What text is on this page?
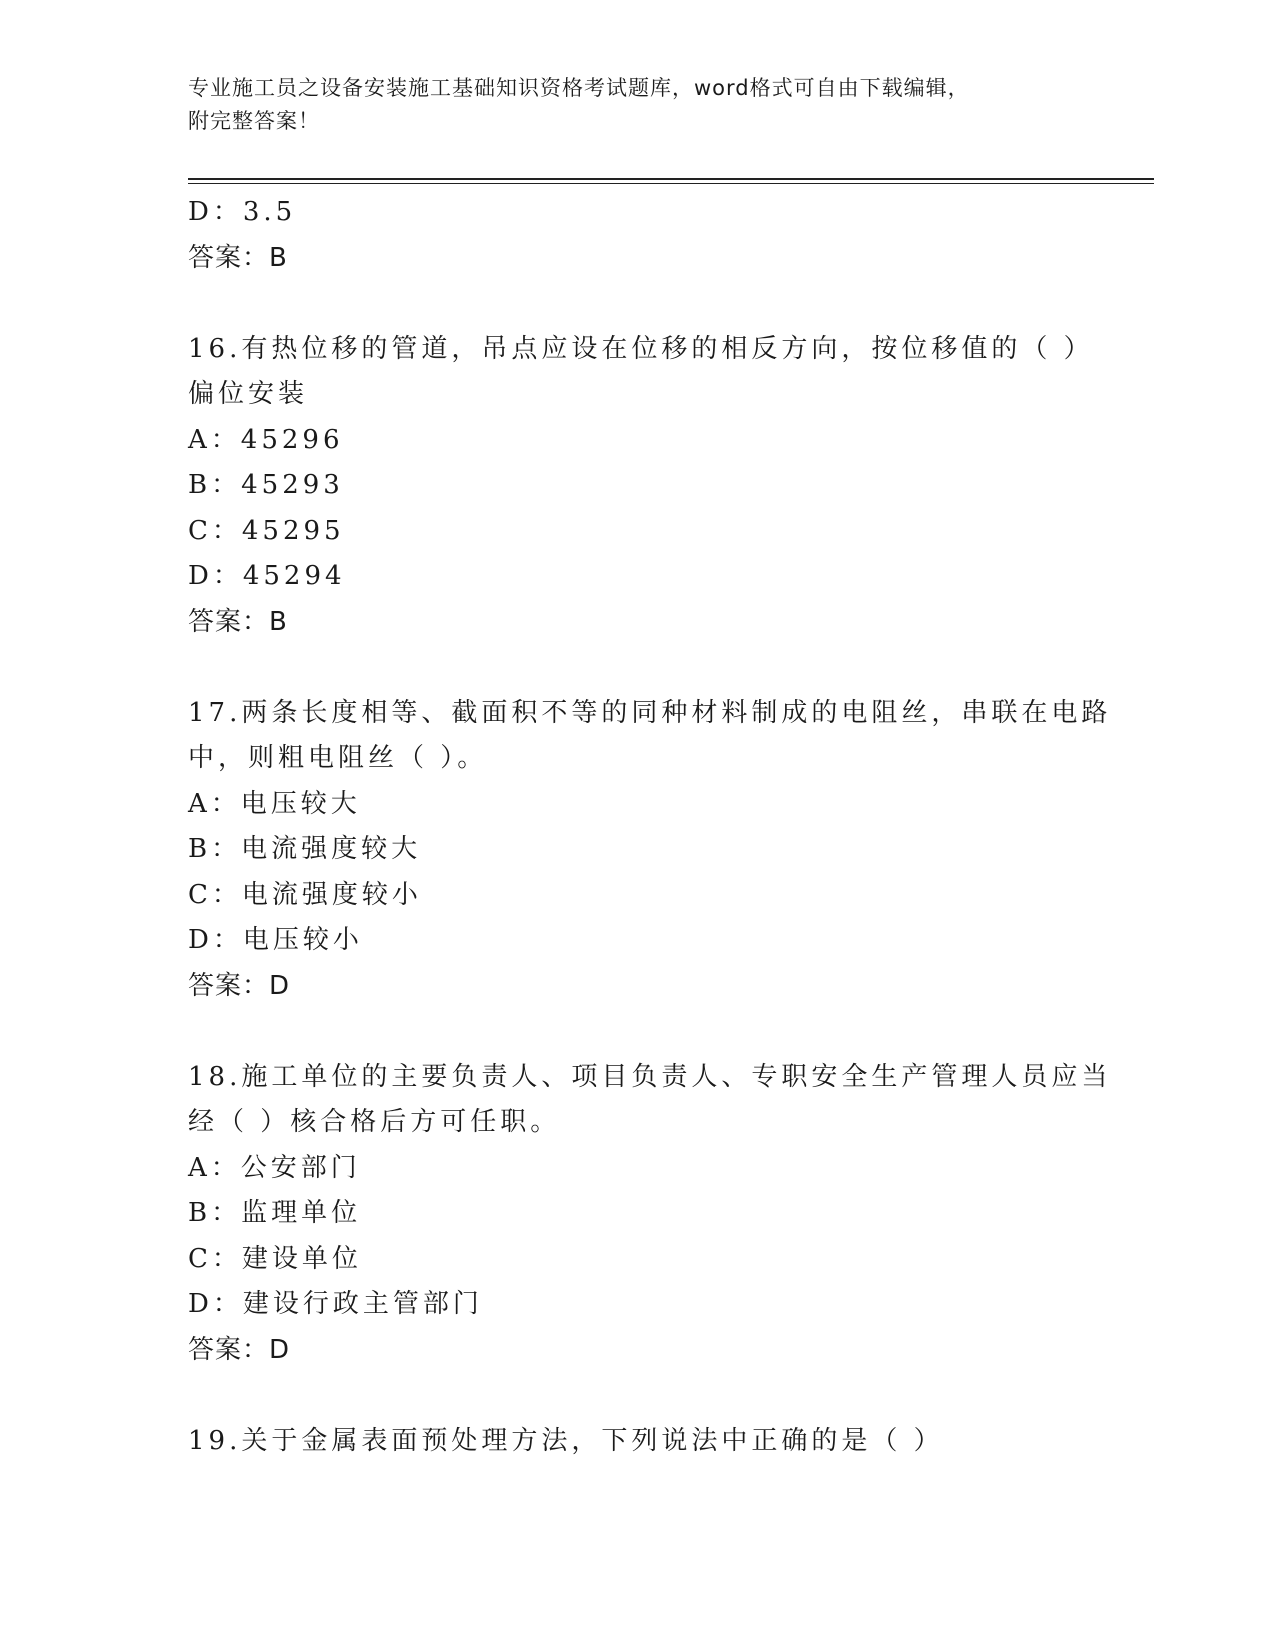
专业施工员之设备安装施工基础知识资格考试题库，word格式可自由下载编辑，
附完整答案！
D：3.5
答案：B
16.有热位移的管道，吊点应设在位移的相反方向，按位移值的（ ）
偏位安装
A：45296
B：45293
C：45295
D：45294
答案：B
17.两条长度相等、截面积不等的同种材料制成的电阻丝，串联在电路
中，则粗电阻丝（ ）。
A：电压较大
B：电流强度较大
C：电流强度较小
D：电压较小
答案：D
18.施工单位的主要负责人、项目负责人、专职安全生产管理人员应当
经（ ）核合格后方可任职。
A：公安部门
B：监理单位
C：建设单位
D：建设行政主管部门
答案：D
19.关于金属表面预处理方法，下列说法中正确的是（ ）
